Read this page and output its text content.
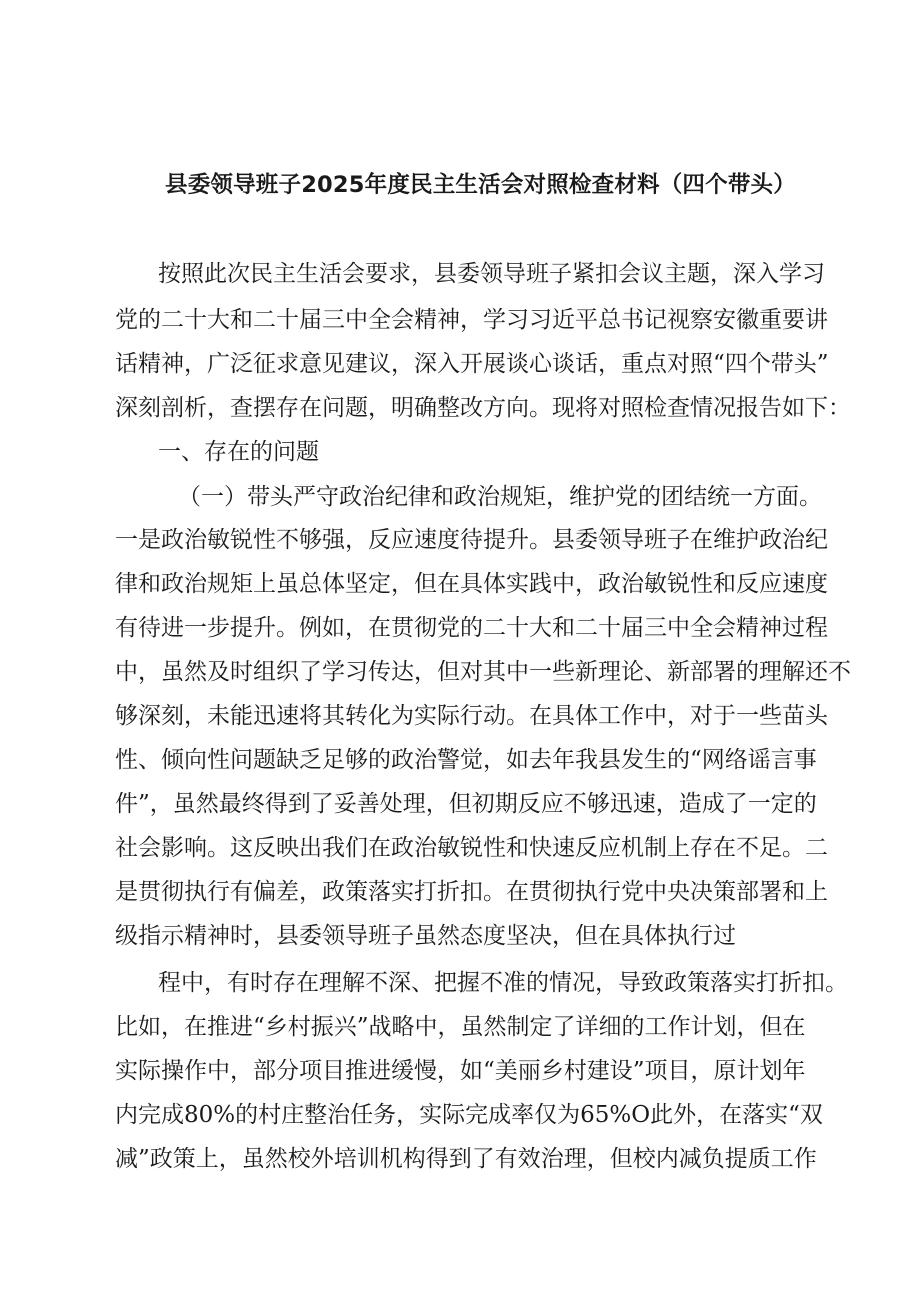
县委领导班子2025年度民主生活会对照检查材料（四个带头）
按照此次民主生活会要求，县委领导班子紧扣会议主题，深入学习
党的二十大和二十届三中全会精神，学习习近平总书记视察安徽重要讲
话精神，广泛征求意见建议，深入开展谈心谈话，重点对照“四个带头”
深刻剖析，查摆存在问题，明确整改方向。现将对照检查情况报告如下：
一、存在的问题
（一）带头严守政治纪律和政治规矩，维护党的团结统一方面。
一是政治敏锐性不够强，反应速度待提升。县委领导班子在维护政治纪
律和政治规矩上虽总体坚定，但在具体实践中，政治敏锐性和反应速度
有待进一步提升。例如，在贯彻党的二十大和二十届三中全会精神过程
中，虽然及时组织了学习传达，但对其中一些新理论、新部署的理解还不
够深刻，未能迅速将其转化为实际行动。在具体工作中，对于一些苗头
性、倾向性问题缺乏足够的政治警觉，如去年我县发生的“网络谣言事
件”，虽然最终得到了妥善处理，但初期反应不够迅速，造成了一定的
社会影响。这反映出我们在政治敏锐性和快速反应机制上存在不足。二
是贯彻执行有偏差，政策落实打折扣。在贯彻执行党中央决策部署和上
级指示精神时，县委领导班子虽然态度坚决，但在具体执行过
程中，有时存在理解不深、把握不准的情况，导致政策落实打折扣。
比如，在推进“乡村振兴”战略中，虽然制定了详细的工作计划，但在
实际操作中，部分项目推进缓慢，如“美丽乡村建设”项目，原计划年
内完成80%的村庄整治任务，实际完成率仅为65%O此外，在落实“双
减”政策上，虽然校外培训机构得到了有效治理，但校内减负提质工作
